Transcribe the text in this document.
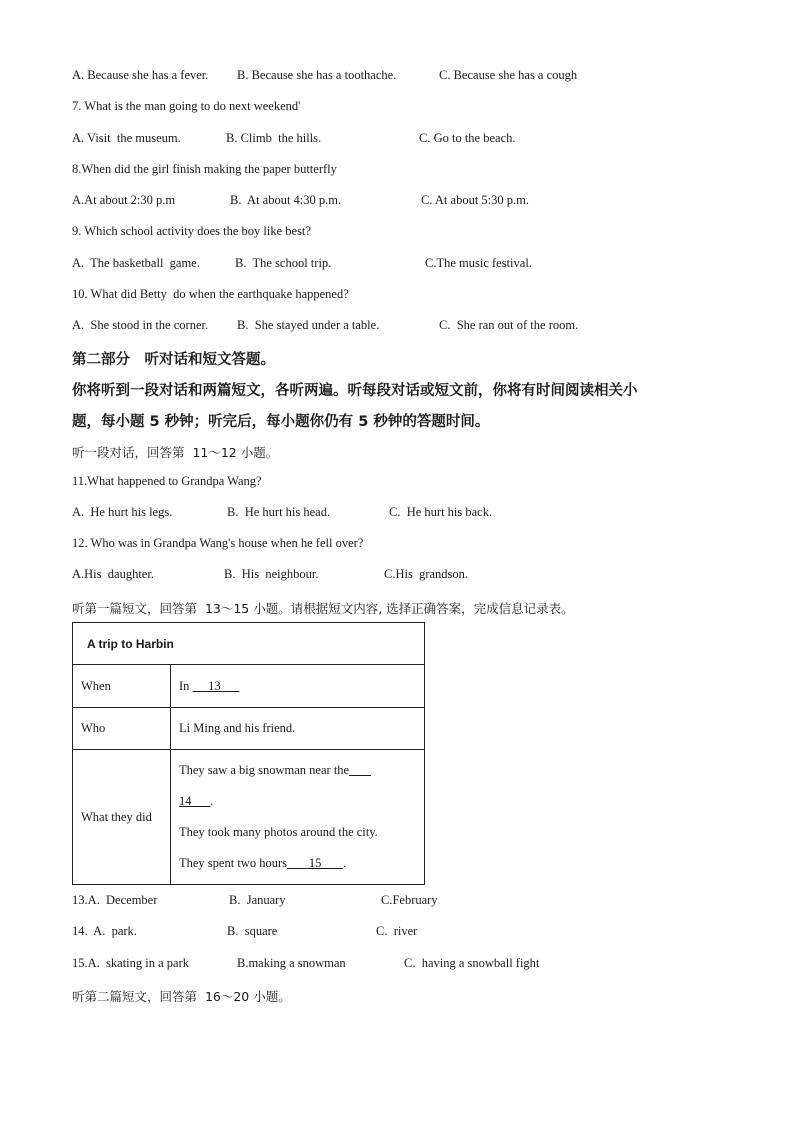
A. Because she has a fever. B. Because she has a toothache.	C. Because she has a cough
7. What is the man going to do next weekend'
A. Visit  the museum.	B. Climb  the hills.	C. Go to the beach.
8.When did the girl finish making the paper butterfly
A.At about 2:30 p.m	B.  At about 4:30 p.m.	C. At about 5:30 p.m.
9. Which school activity does the boy like best?
A.  The basketball  game.	B.  The school trip.	C.The music festival.
10. What did Betty  do when the earthquake happened?
A.  She stood in the corner. B.  She stayed under a table.	C.  She ran out of the room.
第二部分　听对话和短文答题。
你将听到一段对话和两篇短文，各听两遍。听每段对话或短文前，你将有时间阅读相关小
题，每小题 5 秒钟；听完后，每小题你仍有 5 秒钟的答题时间。
听一段对话，回答第  11～12 小题。
11.What happened to Grandpa Wang?
A.  He hurt his legs.	B.  He hurt his head.	C.  He hurt his back.
12. Who was in Grandpa Wang's house when he fell over?
A.His  daughter.	B.  His  neighbour.	C.His  grandson.
听第一篇短文，回答第  13～15 小题。请根据短文内容, 选择正确答案，完成信息记录表。
A trip to Harbin	
When	In      13
Who	Li Ming and his friend.
What they did	They saw a big snowman near the
14      .
They took many photos around the city.
They spent two hours       15       .
13.A.  December	B.  January	C.February
14.  A.  park.	B.  square	C.  river
15.A.  skating in a park	B.making a snowman	C.  having a snowball fight
听第二篇短文，回答第  16～20 小题。
